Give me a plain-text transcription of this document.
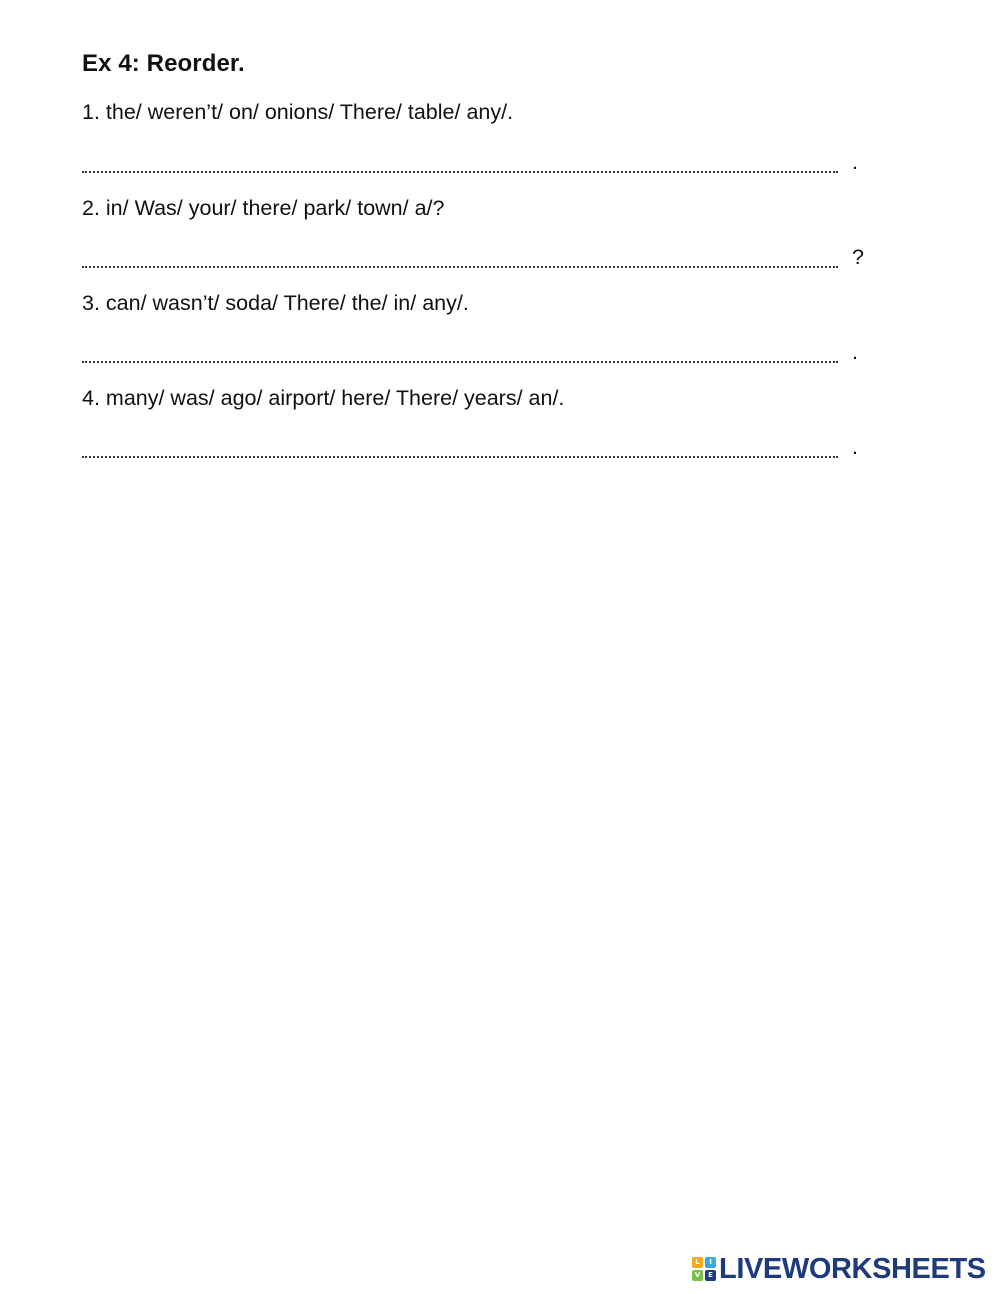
Ex 4: Reorder.
1. the/ weren’t/ on/ onions/ There/ table/ any/.
.
2. in/ Was/ your/ there/ park/ town/ a/?
?
3. can/ wasn’t/ soda/ There/ the/ in/ any/.
.
4. many/ was/ ago/ airport/ here/ There/ years/ an/.
.
L	I
V	E LIVEWORKSHEETS
